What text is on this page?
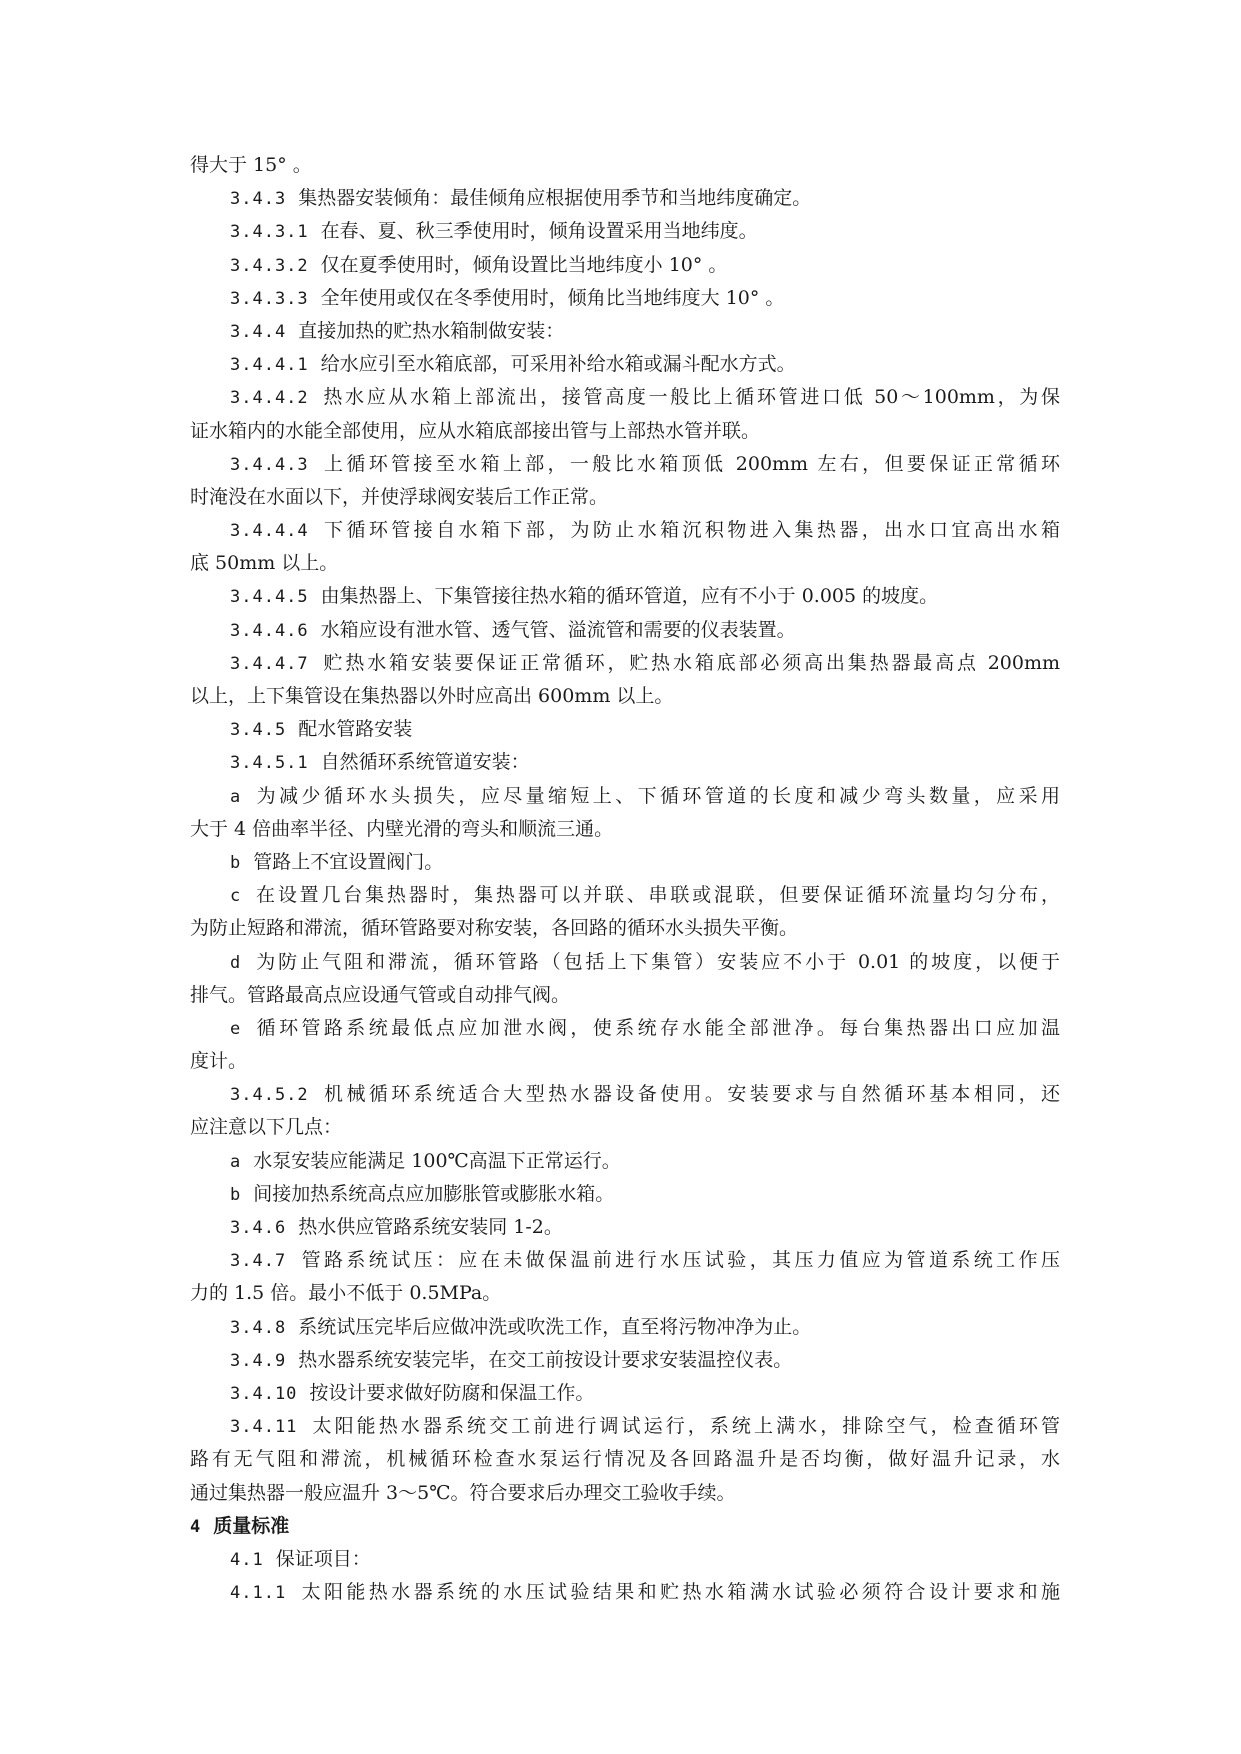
得大于 15° 。
3.4.3 集热器安装倾角：最佳倾角应根据使用季节和当地纬度确定。
3.4.3.1 在春、夏、秋三季使用时，倾角设置采用当地纬度。
3.4.3.2 仅在夏季使用时，倾角设置比当地纬度小 10° 。
3.4.3.3 全年使用或仅在冬季使用时，倾角比当地纬度大 10° 。
3.4.4 直接加热的贮热水箱制做安装：
3.4.4.1 给水应引至水箱底部，可采用补给水箱或漏斗配水方式。
3.4.4.2 热水应从水箱上部流出，接管高度一般比上循环管进口低 50～100mm，为保
证水箱内的水能全部使用，应从水箱底部接出管与上部热水管并联。
3.4.4.3 上循环管接至水箱上部，一般比水箱顶低 200mm 左右，但要保证正常循环
时淹没在水面以下，并使浮球阀安装后工作正常。
3.4.4.4 下循环管接自水箱下部，为防止水箱沉积物进入集热器，出水口宜高出水箱
底 50mm 以上。
3.4.4.5 由集热器上、下集管接往热水箱的循环管道，应有不小于 0.005 的坡度。
3.4.4.6 水箱应设有泄水管、透气管、溢流管和需要的仪表装置。
3.4.4.7 贮热水箱安装要保证正常循环，贮热水箱底部必须高出集热器最高点 200mm
以上，上下集管设在集热器以外时应高出 600mm 以上。
3.4.5 配水管路安装
3.4.5.1 自然循环系统管道安装：
a 为减少循环水头损失，应尽量缩短上、下循环管道的长度和减少弯头数量，应采用
大于 4 倍曲率半径、内壁光滑的弯头和顺流三通。
b 管路上不宜设置阀门。
c 在设置几台集热器时，集热器可以并联、串联或混联，但要保证循环流量均匀分布，
为防止短路和滞流，循环管路要对称安装，各回路的循环水头损失平衡。
d 为防止气阻和滞流，循环管路（包括上下集管）安装应不小于 0.01 的坡度，以便于
排气。管路最高点应设通气管或自动排气阀。
e 循环管路系统最低点应加泄水阀，使系统存水能全部泄净。每台集热器出口应加温
度计。
3.4.5.2 机械循环系统适合大型热水器设备使用。安装要求与自然循环基本相同，还
应注意以下几点：
a 水泵安装应能满足 100℃高温下正常运行。
b 间接加热系统高点应加膨胀管或膨胀水箱。
3.4.6 热水供应管路系统安装同 1-2。
3.4.7 管路系统试压：应在未做保温前进行水压试验，其压力值应为管道系统工作压
力的 1.5 倍。最小不低于 0.5MPa。
3.4.8 系统试压完毕后应做冲洗或吹洗工作，直至将污物冲净为止。
3.4.9 热水器系统安装完毕，在交工前按设计要求安装温控仪表。
3.4.10 按设计要求做好防腐和保温工作。
3.4.11 太阳能热水器系统交工前进行调试运行，系统上满水，排除空气，检查循环管
路有无气阻和滞流，机械循环检查水泵运行情况及各回路温升是否均衡，做好温升记录，水
通过集热器一般应温升 3～5℃。符合要求后办理交工验收手续。
4 质量标准
4.1 保证项目：
4.1.1 太阳能热水器系统的水压试验结果和贮热水箱满水试验必须符合设计要求和施
